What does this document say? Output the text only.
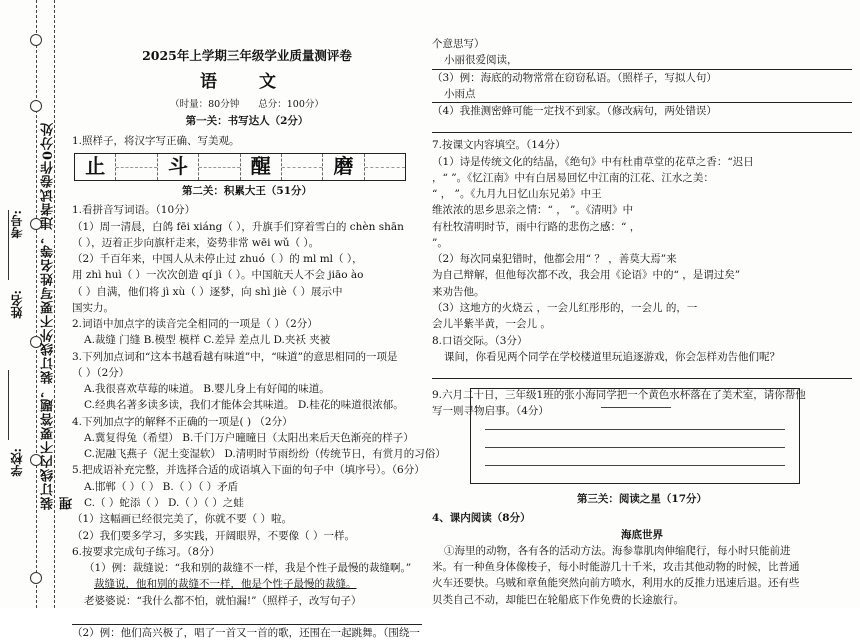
装订线内不要答题，装订线外不要写姓名等，违者试卷作0分处理
学校:
姓名:
考号:
2025年上学期三年级学业质量测评卷
语 文
（时量：80分钟 总分：100分）
第一关：书写达人（2分）
1.照样子，将汉字写正确、写美观。
止	斗	醒	磨
第二关：积累大王（51分）
1.看拼音写词语。（10分）
（1）周一清晨，白鸽 fēi xiáng（ ），升旗手们穿着雪白的 chèn shān
（ ），迈着正步向旗杆走来，姿势非常 wēi wǔ（ ）。
（2）千百年来，中国人从未停止过 zhuó（ ）的 ml ml（ ），
用 zhì huì（ ）一次次创造 qí jì（ ）。中国航天人不会 jiāo ào
（ ）自满，他们将 jì xù（ ）逐梦，向 shì jiè（ ）展示中
国实力。
2.词语中加点字的读音完全相同的一项是（ ）（2分）
A.裁缝 门缝 B.模型 模样 C.差异 差点儿 D.夹袄 夹被
3.下列加点词和“这本书越看越有味道”中，“味道”的意思相同的一项是
（ ）（2分）
A.我很喜欢草莓的味道。 B.婴儿身上有好闻的味道。
C.经典名著多读多读，我们才能体会其味道。 D.桂花的味道很浓郁。
4.下列加点字的解释不正确的一项是( ) （2分）
A.冀复得兔（希望） B.千门万户曈曈日（太阳出来后天色渐亮的样子）
C.泥融飞燕子（泥土变湿软） D.清明时节雨纷纷（传统节日，有赏月的习俗）
5.把成语补充完整，并选择合适的成语填入下面的句子中（填序号）。（6分）
A.邯郸（ ）（ ） B.（ ）（ ）矛盾
C.（ ）蛇添（ ） D.（ ）（ ）之蛙
（1）这幅画已经很完美了，你就不要（ ）啦。
（2）我们要多学习，多实践，开阔眼界，不要像（ ）一样。
6.按要求完成句子练习。（8分）
（1）例：裁缝说：“我和别的裁缝不一样，我是个性子最慢的裁缝啊。”
裁缝说，他和别的裁缝不一样，他是个性子最慢的裁缝。
老婆婆说：“我什么都不怕，就怕漏!”（照样子，改写句子）
（2）例：他们高兴极了，唱了一首又一首的歌，还围在一起跳舞。（围绕一
个意思写）
小丽很爱阅读，
（3）例：海底的动物常常在窃窃私语。（照样子，写拟人句）
小雨点
（4）我推测密蜂可能一定找不到家。（修改病句，两处错误）
7.按课文内容填空。（14分）
（1）诗是传统文化的结晶，《绝句》中有杜甫草堂的花草之香：“迟日
，“ ”。《忆江南》中有白居易回忆中江南的江花、江水之美：
“ ， ”。《九月九日忆山东兄弟》中王
维浓浓的思乡思亲之情：“ ， ”。《清明》中
有杜牧清明时节，雨中行路的悲伤之感：“ ，
”。
（2）每次同桌犯错时，他都会用“ ？ ，善莫大焉”来
为自己辩解，但他每次都不改，我会用《论语》中的“ ，是谓过矣”
来劝告他。
（3）这地方的火烧云 ，一会儿红彤彤的，一会儿 的，一
会儿半紫半黄，一会儿 。
8.口语交际。（3分）
课间，你看见两个同学在学校楼道里玩追逐游戏，你会怎样劝告他们呢？
9.六月二十日，三年级1班的张小海同学把一个黄色水杯落在了美术室，请你帮他
写一则寻物启事。（4分）
第三关：阅读之星（17分）
4、课内阅读（8分）
海底世界
①海里的动物，各有各的活动方法。海参靠肌肉伸缩爬行，每小时只能前进
米。有一种鱼身体像梭子，每小时能游几十千米，攻击其他动物的时候，比普通
火车还要快。乌贼和章鱼能突然向前方喷水，利用水的反推力迅速后退。还有些
贝类自己不动，却能巴在轮船底下作免费的长途旅行。
